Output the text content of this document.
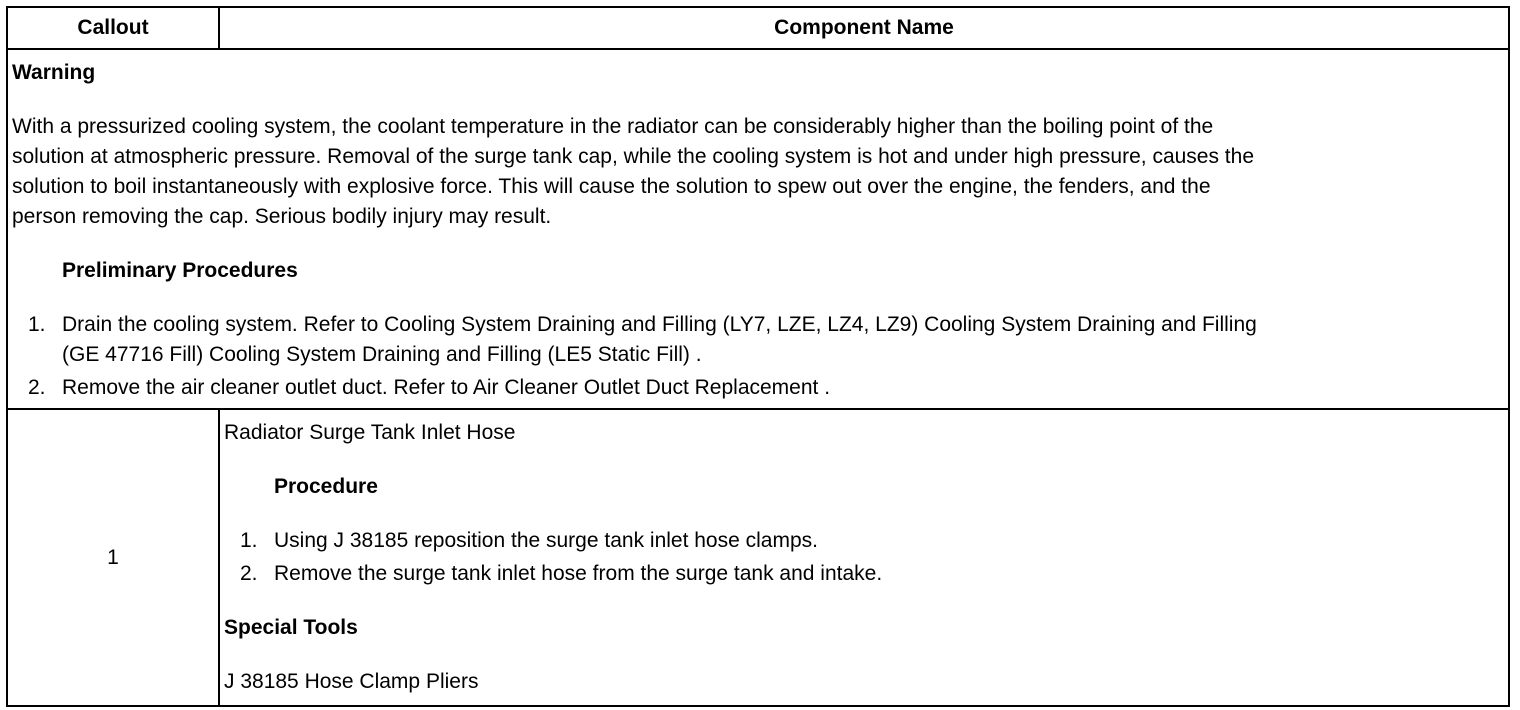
Callout	Component Name
Warning
With a pressurized cooling system, the coolant temperature in the radiator can be considerably higher than the boiling point of the
solution at atmospheric pressure. Removal of the surge tank cap, while the cooling system is hot and under high pressure, causes the
solution to boil instantaneously with explosive force. This will cause the solution to spew out over the engine, the fenders, and the
person removing the cap. Serious bodily injury may result.
Preliminary Procedures
1. Drain the cooling system. Refer to Cooling System Draining and Filling (LY7, LZE, LZ4, LZ9) Cooling System Draining and Filling
(GE 47716 Fill) Cooling System Draining and Filling (LE5 Static Fill) .
2. Remove the air cleaner outlet duct. Refer to Air Cleaner Outlet Duct Replacement .
1
Radiator Surge Tank Inlet Hose
Procedure
1. Using J 38185 reposition the surge tank inlet hose clamps.
2. Remove the surge tank inlet hose from the surge tank and intake.
Special Tools
J 38185 Hose Clamp Pliers
